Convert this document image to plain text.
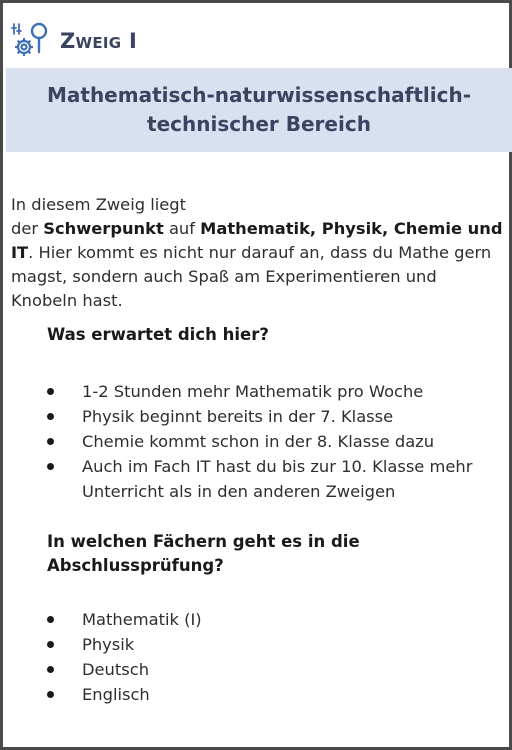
Zweig I
Mathematisch-naturwissenschaftlich-technischer Bereich
In diesem Zweig liegt
der Schwerpunkt auf Mathematik, Physik, Chemie und IT. Hier kommt es nicht nur darauf an, dass du Mathe gern magst, sondern auch Spaß am Experimentieren und Knobeln hast.
Was erwartet dich hier?
1-2 Stunden mehr Mathematik pro Woche
Physik beginnt bereits in der 7. Klasse
Chemie kommt schon in der 8. Klasse dazu
Auch im Fach IT hast du bis zur 10. Klasse mehr Unterricht als in den anderen Zweigen
In welchen Fächern geht es in die Abschlussprüfung?
Mathematik (I)
Physik
Deutsch
Englisch
